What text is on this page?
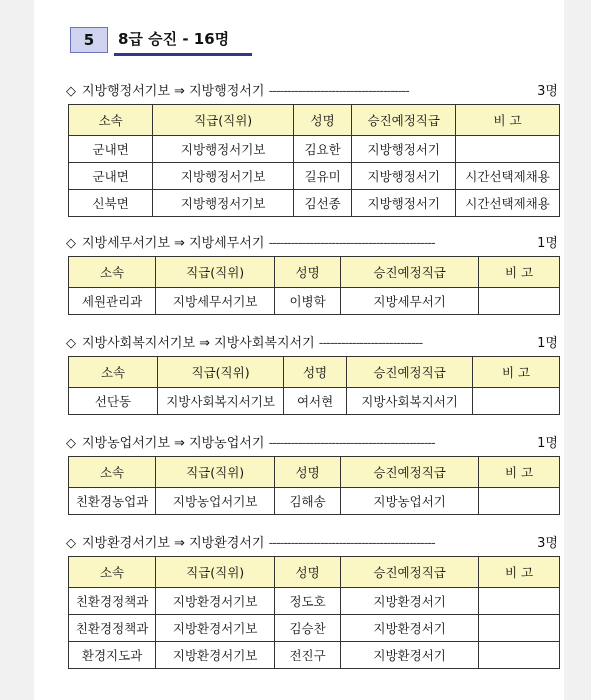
5	8급 승진 - 16명
◇ 지방행정서기보 ⇒ 지방행정서기 --------------------------------------	3명
소속	직급(직위)	성명	승진예정직급	비 고
군내면	지방행정서기보	김요한	지방행정서기	
군내면	지방행정서기보	길유미	지방행정서기	시간선택제채용
신북면	지방행정서기보	김선종	지방행정서기	시간선택제채용
◇ 지방세무서기보 ⇒ 지방세무서기 ---------------------------------------------	1명
소속	직급(직위)	성명	승진예정직급	비 고
세원관리과	지방세무서기보	이병학	지방세무서기	
◇ 지방사회복지서기보 ⇒ 지방사회복지서기 ----------------------------	1명
소속	직급(직위)	성명	승진예정직급	비 고
선단동	지방사회복지서기보	여서현	지방사회복지서기	
◇ 지방농업서기보 ⇒ 지방농업서기 ---------------------------------------------	1명
소속	직급(직위)	성명	승진예정직급	비 고
친환경농업과	지방농업서기보	김해송	지방농업서기	
◇ 지방환경서기보 ⇒ 지방환경서기 ---------------------------------------------	3명
소속	직급(직위)	성명	승진예정직급	비 고
친환경정책과	지방환경서기보	정도호	지방환경서기	
친환경정책과	지방환경서기보	김승찬	지방환경서기	
환경지도과	지방환경서기보	전진구	지방환경서기	
